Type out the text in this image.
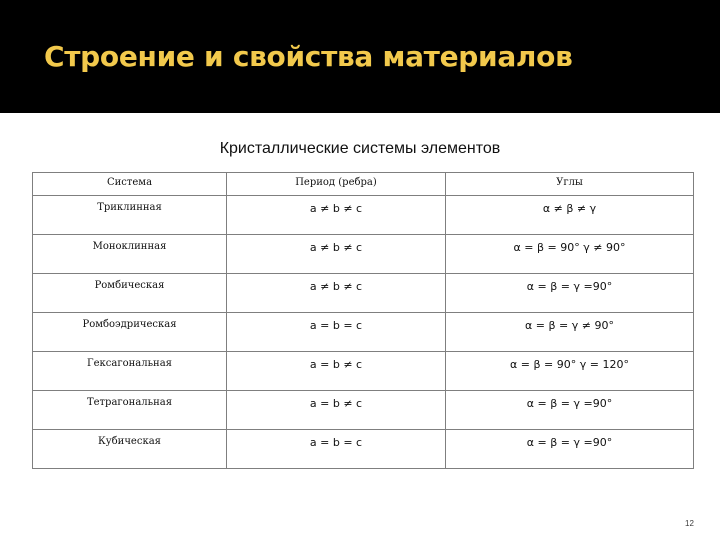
Строение и свойства материалов
Кристаллические системы элементов
Система	Период (ребра)	Углы
Триклинная	a ≠ b ≠ c	α ≠ β ≠ γ
Моноклинная	a ≠ b ≠ c	α = β = 90° γ ≠ 90°
Ромбическая	a ≠ b ≠ c	α = β = γ =90°
Ромбоэдрическая	a = b = c	α = β = γ ≠ 90°
Гексагональная	a = b ≠ c	α = β = 90° γ = 120°
Тетрагональная	a = b ≠ c	α = β = γ =90°
Кубическая	a = b = c	α = β = γ =90°
12
